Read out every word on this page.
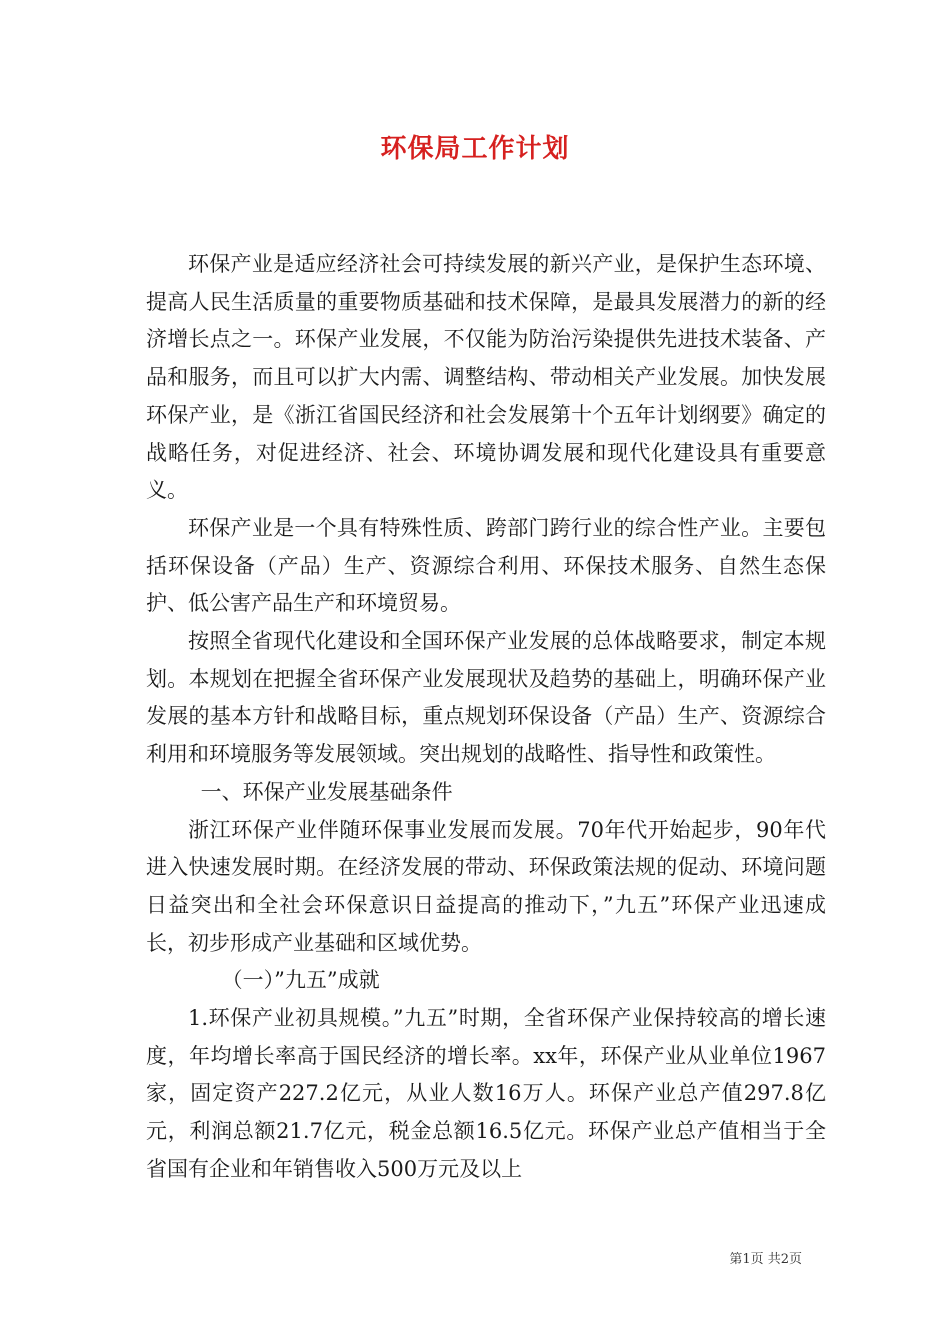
环保局工作计划

环保产业是适应经济社会可持续发展的新兴产业，是保护生态环境、提高人民生活质量的重要物质基础和技术保障，是最具发展潜力的新的经济增长点之一。环保产业发展，不仅能为防治污染提供先进技术装备、产品和服务，而且可以扩大内需、调整结构、带动相关产业发展。加快发展环保产业，是《浙江省国民经济和社会发展第十个五年计划纲要》确定的战略任务，对促进经济、社会、环境协调发展和现代化建设具有重要意义。

环保产业是一个具有特殊性质、跨部门跨行业的综合性产业。主要包括环保设备（产品）生产、资源综合利用、环保技术服务、自然生态保护、低公害产品生产和环境贸易。

按照全省现代化建设和全国环保产业发展的总体战略要求，制定本规划。本规划在把握全省环保产业发展现状及趋势的基础上，明确环保产业发展的基本方针和战略目标，重点规划环保设备（产品）生产、资源综合利用和环境服务等发展领域。突出规划的战略性、指导性和政策性。

一、环保产业发展基础条件

浙江环保产业伴随环保事业发展而发展。70年代开始起步，90年代进入快速发展时期。在经济发展的带动、环保政策法规的促动、环境问题日益突出和全社会环保意识日益提高的推动下，”九五”环保产业迅速成长，初步形成产业基础和区域优势。

（一）”九五”成就

1.环保产业初具规模。”九五”时期，全省环保产业保持较高的增长速度，年均增长率高于国民经济的增长率。xx年，环保产业从业单位1967家，固定资产227.2亿元，从业人数16万人。环保产业总产值297.8亿元，利润总额21.7亿元，税金总额16.5亿元。环保产业总产值相当于全省国有企业和年销售收入500万元及以上

第1页 共2页
